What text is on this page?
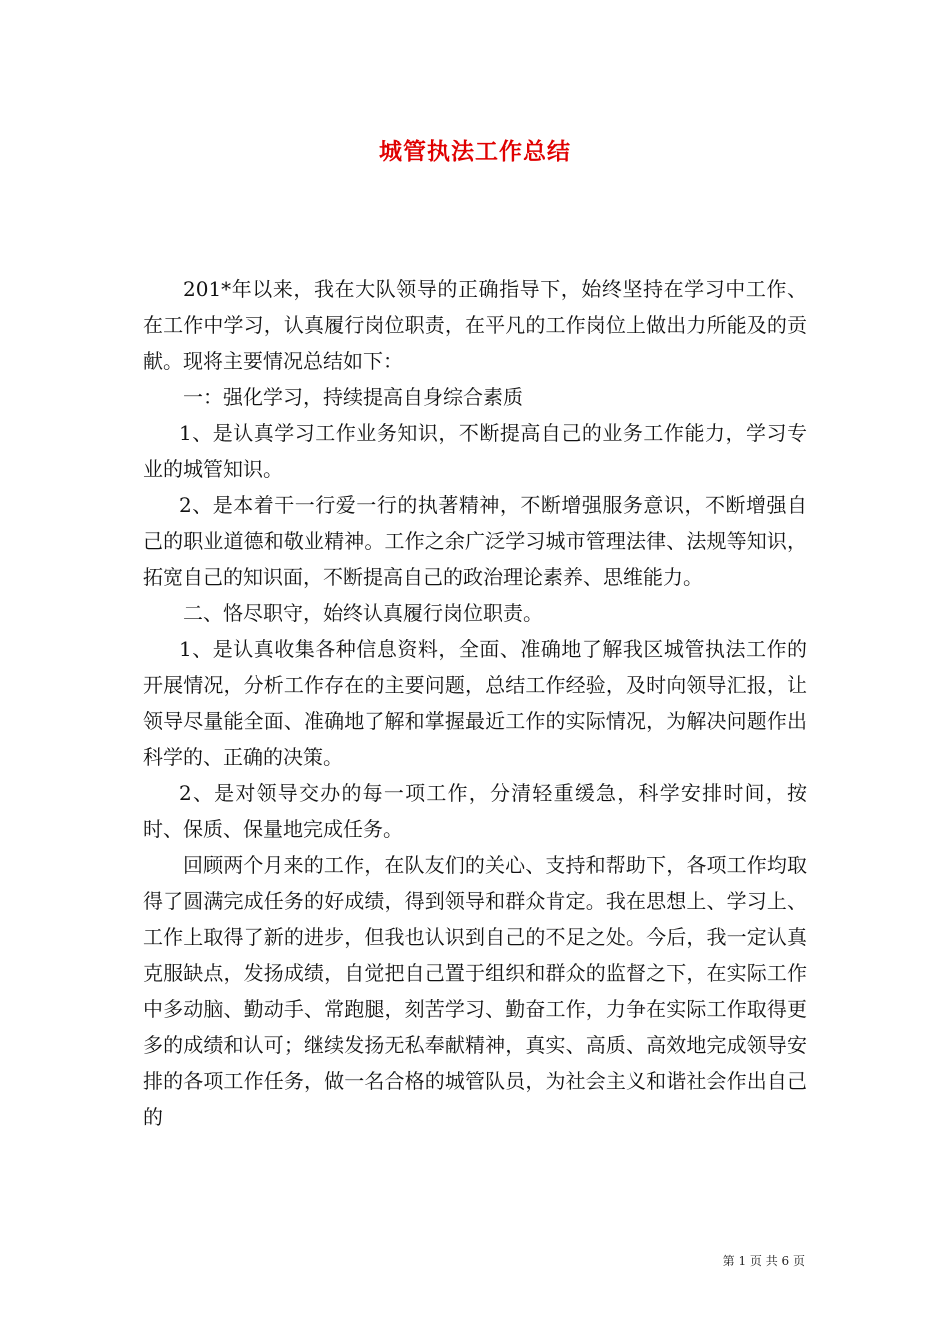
城管执法工作总结

201*年以来，我在大队领导的正确指导下，始终坚持在学习中工作、在工作中学习，认真履行岗位职责，在平凡的工作岗位上做出力所能及的贡献。现将主要情况总结如下：

一：强化学习，持续提高自身综合素质

1、是认真学习工作业务知识，不断提高自己的业务工作能力，学习专业的城管知识。

2、是本着干一行爱一行的执著精神，不断增强服务意识，不断增强自己的职业道德和敬业精神。工作之余广泛学习城市管理法律、法规等知识，拓宽自己的知识面，不断提高自己的政治理论素养、思维能力。

二、恪尽职守，始终认真履行岗位职责。

1、是认真收集各种信息资料，全面、准确地了解我区城管执法工作的开展情况，分析工作存在的主要问题，总结工作经验，及时向领导汇报，让领导尽量能全面、准确地了解和掌握最近工作的实际情况，为解决问题作出科学的、正确的决策。

2、是对领导交办的每一项工作，分清轻重缓急，科学安排时间，按时、保质、保量地完成任务。

回顾两个月来的工作，在队友们的关心、支持和帮助下，各项工作均取得了圆满完成任务的好成绩，得到领导和群众肯定。我在思想上、学习上、工作上取得了新的进步，但我也认识到自己的不足之处。今后，我一定认真克服缺点，发扬成绩，自觉把自己置于组织和群众的监督之下，在实际工作中多动脑、勤动手、常跑腿，刻苦学习、勤奋工作，力争在实际工作取得更多的成绩和认可；继续发扬无私奉献精神，真实、高质、高效地完成领导安排的各项工作任务，做一名合格的城管队员，为社会主义和谐社会作出自己的

第 1 页 共 6 页
